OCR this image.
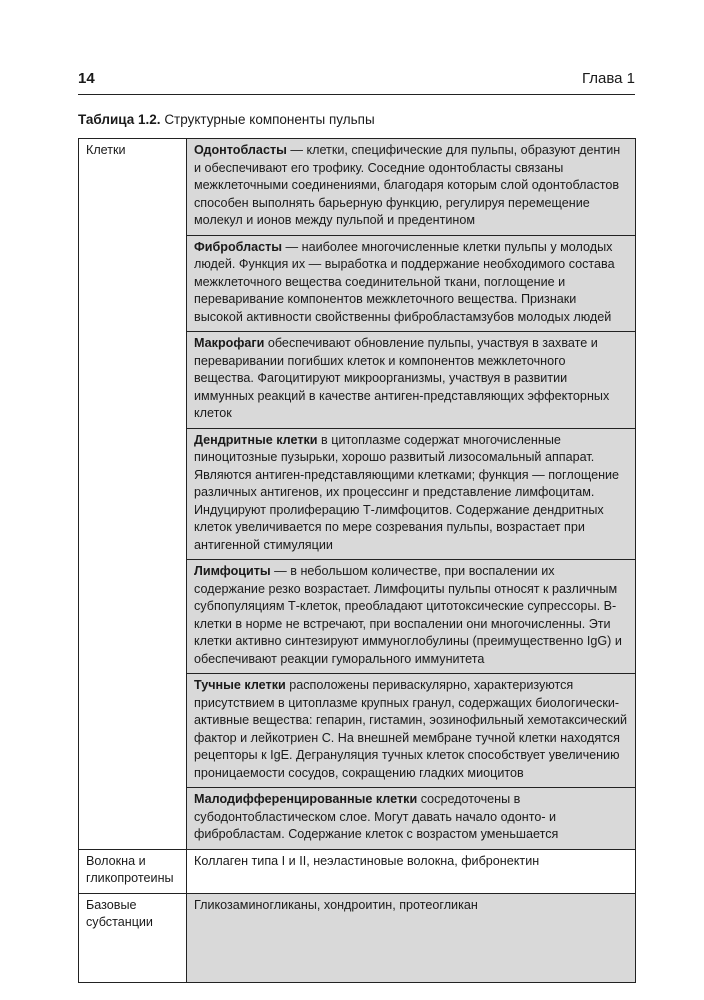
14	Глава 1
Таблица 1.2. Структурные компоненты пульпы
Клетки	Одонтобласты — клетки, специфические для пульпы, образуют дентин и обеспечивают его трофику. Соседние одонтобласты связаны межклеточными соединениями, благодаря которым слой одонтобластов способен выполнять барьерную функцию, регулируя перемещение молекул и ионов между пульпой и предентином
	Фибробласты — наиболее многочисленные клетки пульпы у молодых людей. Функция их — выработка и поддержание необходимого состава межклеточного вещества соединительной ткани, поглощение и переваривание компонентов межклеточного вещества. Признаки высокой активности свойственны фибробластамзубов молодых людей
	Макрофаги обеспечивают обновление пульпы, участвуя в захвате и переваривании погибших клеток и компонентов межклеточного вещества. Фагоцитируют микроорганизмы, участвуя в развитии иммунных реакций в качестве антиген-представляющих эффекторных клеток
	Дендритные клетки в цитоплазме содержат многочисленные пиноцитозные пузырьки, хорошо развитый лизосомальный аппарат. Являются антиген-представляющими клетками; функция — поглощение различных антигенов, их процессинг и представление лимфоцитам. Индуцируют пролиферацию Т-лимфоцитов. Содержание дендритных клеток увеличивается по мере созревания пульпы, возрастает при антигенной стимуляции
	Лимфоциты — в небольшом количестве, при воспалении их содержание резко возрастает. Лимфоциты пульпы относят к различным субпопуляциям Т-клеток, преобладают цитотоксические супрессоры. В-клетки в норме не встречают, при воспалении они многочисленны. Эти клетки активно синтезируют иммуноглобулины (преимущественно IgG) и обеспечивают реакции гуморального иммунитета
	Тучные клетки расположены периваскулярно, характеризуются присутствием в цитоплазме крупных гранул, содержащих биологически-активные вещества: гепарин, гистамин, эозинофильный хемотаксический фактор и лейкотриен С. На внешней мембране тучной клетки находятся рецепторы к IgE. Дегрануляция тучных клеток способствует увеличению проницаемости сосудов, сокращению гладких миоцитов
	Малодифференцированные клетки сосредоточены в субодонтобластическом слое. Могут давать начало одонто- и фибробластам. Содержание клеток с возрастом уменьшается
Волокна и гликопротеины	Коллаген типа I и II, неэластиновые волокна, фибронектин
Базовые субстанции	Гликозаминогликаны, хондроитин, протеогликан
